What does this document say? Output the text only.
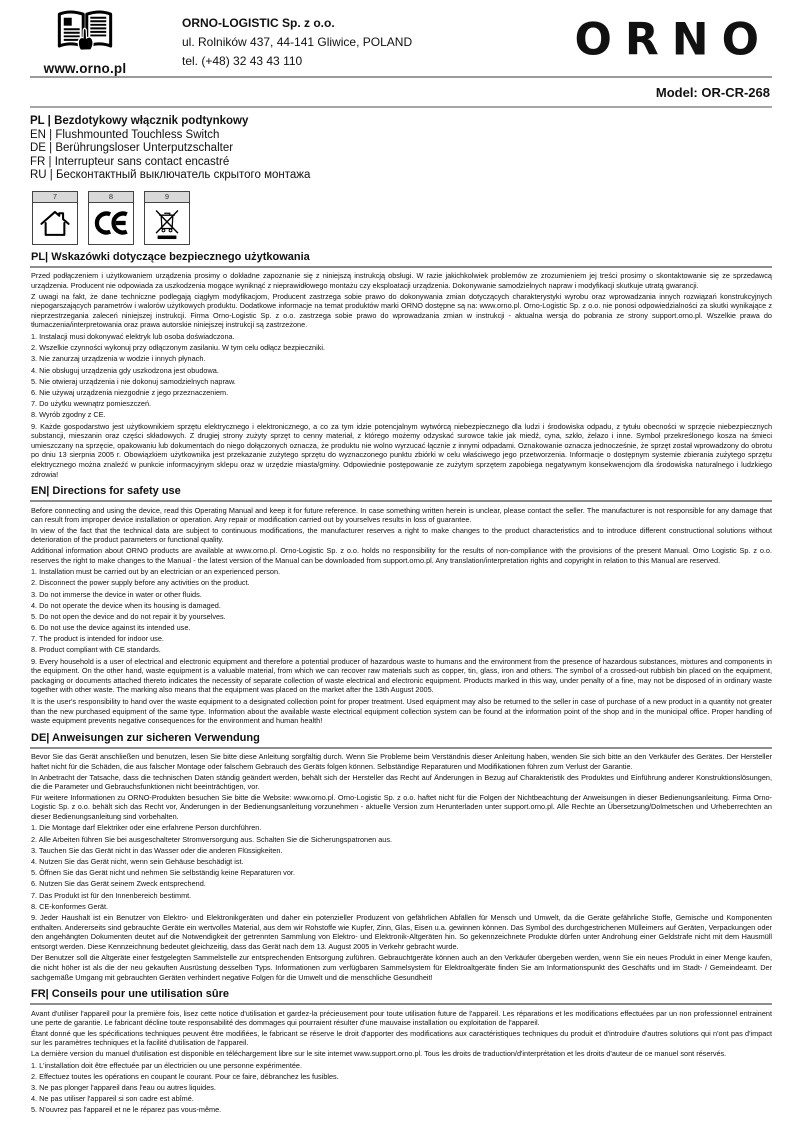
www.orno.pl
ORNO-LOGISTIC Sp. z o.o.
ul. Rolników 437, 44-141 Gliwice, POLAND
tel. (+48) 32 43 43 110	ORNO
Model: OR-CR-268
PL | Bezdotykowy włącznik podtynkowy
EN | Flushmounted Touchless Switch
DE | Berührungsloser Unterputzschalter
FR | Interrupteur sans contact encastré
RU | Бесконтактный выключатель скрытого монтажа
7	8	9
PL| Wskazówki dotyczące bezpiecznego użytkowania
Przed podłączeniem i użytkowaniem urządzenia prosimy o dokładne zapoznanie się z niniejszą instrukcją obsługi. W razie jakichkolwiek problemów ze zrozumieniem jej treści prosimy o skontaktowanie się ze sprzedawcą urządzenia. Producent nie odpowiada za uszkodzenia mogące wyniknąć z nieprawidłowego montażu czy eksploatacji urządzenia. Dokonywanie samodzielnych napraw i modyfikacji skutkuje utratą gwarancji.
Z uwagi na fakt, że dane techniczne podlegają ciągłym modyfikacjom, Producent zastrzega sobie prawo do dokonywania zmian dotyczących charakterystyki wyrobu oraz wprowadzania innych rozwiązań konstrukcyjnych niepogarszających parametrów i walorów użytkowych produktu. Dodatkowe informacje na temat produktów marki ORNO dostępne są na: www.orno.pl. Orno-Logistic Sp. z o.o. nie ponosi odpowiedzialności za skutki wynikające z nieprzestrzegania zaleceń niniejszej instrukcji. Firma Orno-Logistic Sp. z o.o. zastrzega sobie prawo do wprowadzania zmian w instrukcji - aktualna wersja do pobrania ze strony support.orno.pl. Wszelkie prawa do tłumaczenia/interpretowania oraz prawa autorskie niniejszej instrukcji są zastrzeżone.
1. Instalacji musi dokonywać elektryk lub osoba doświadczona.
2. Wszelkie czynności wykonuj przy odłączonym zasilaniu. W tym celu odłącz bezpieczniki.
3. Nie zanurzaj urządzenia w wodzie i innych płynach.
4. Nie obsługuj urządzenia gdy uszkodzona jest obudowa.
5. Nie otwieraj urządzenia i nie dokonuj samodzielnych napraw.
6. Nie używaj urządzenia niezgodnie z jego przeznaczeniem.
7. Do użytku wewnątrz pomieszczeń.
8. Wyrób zgodny z CE.
9. Każde gospodarstwo jest użytkownikiem sprzętu elektrycznego i elektronicznego, a co za tym idzie potencjalnym wytwórcą niebezpiecznego dla ludzi i środowiska odpadu, z tytułu obecności w sprzęcie niebezpiecznych substancji, mieszanin oraz części składowych. Z drugiej strony zużyty sprzęt to cenny materiał, z którego możemy odzyskać surowce takie jak miedź, cyna, szkło, żelazo i inne. Symbol przekreślonego kosza na śmieci umieszczany na sprzęcie, opakowaniu lub dokumentach do niego dołączonych oznacza, że produktu nie wolno wyrzucać łącznie z innymi odpadami. Oznakowanie oznacza jednocześnie, że sprzęt został wprowadzony do obrotu po dniu 13 sierpnia 2005 r. Obowiązkiem użytkownika jest przekazanie zużytego sprzętu do wyznaczonego punktu zbiórki w celu właściwego jego przetworzenia. Informacje o dostępnym systemie zbierania zużytego sprzętu elektrycznego można znaleźć w punkcie informacyjnym sklepu oraz w urzędzie miasta/gminy. Odpowiednie postępowanie ze zużytym sprzętem zapobiega negatywnym konsekwencjom dla środowiska naturalnego i ludzkiego zdrowia!
EN| Directions for safety use
Before connecting and using the device, read this Operating Manual and keep it for future reference. In case something written herein is unclear, please contact the seller. The manufacturer is not responsible for any damage that can result from improper device installation or operation. Any repair or modification carried out by yourselves results in loss of guarantee.
In view of the fact that the technical data are subject to continuous modifications, the manufacturer reserves a right to make changes to the product characteristics and to introduce different constructional solutions without deterioration of the product parameters or functional quality.
Additional information about ORNO products are available at www.orno.pl. Orno-Logistic Sp. z o.o. holds no responsibility for the results of non-compliance with the provisions of the present Manual. Orno Logistic Sp. z o.o. reserves the right to make changes to the Manual - the latest version of the Manual can be downloaded from support.orno.pl. Any translation/interpretation rights and copyright in relation to this Manual are reserved.
1. Installation must be carried out by an electrician or an experienced person.
2. Disconnect the power supply before any activities on the product.
3. Do not immerse the device in water or other fluids.
4. Do not operate the device when its housing is damaged.
5. Do not open the device and do not repair it by yourselves.
6. Do not use the device against its intended use.
7. The product is intended for indoor use.
8. Product compliant with CE standards.
9. Every household is a user of electrical and electronic equipment and therefore a potential producer of hazardous waste to humans and the environment from the presence of hazardous substances, mixtures and components in the equipment. On the other hand, waste equipment is a valuable material, from which we can recover raw materials such as copper, tin, glass, iron and others. The symbol of a crossed-out rubbish bin placed on the equipment, packaging or documents attached thereto indicates the necessity of separate collection of waste electrical and electronic equipment. Products marked in this way, under penalty of a fine, may not be disposed of in ordinary waste together with other waste. The marking also means that the equipment was placed on the market after the 13th August 2005.
It is the user's responsibility to hand over the waste equipment to a designated collection point for proper treatment. Used equipment may also be returned to the seller in case of purchase of a new product in a quantity not greater than the new purchased equipment of the same type. Information about the available waste electrical equipment collection system can be found at the information point of the shop and in the municipal office. Proper handling of waste equipment prevents negative consequences for the environment and human health!
DE| Anweisungen zur sicheren Verwendung
Bevor Sie das Gerät anschließen und benutzen, lesen Sie bitte diese Anleitung sorgfältig durch. Wenn Sie Probleme beim Verständnis dieser Anleitung haben, wenden Sie sich bitte an den Verkäufer des Gerätes. Der Hersteller haftet nicht für die Schäden, die aus falscher Montage oder falschem Gebrauch des Geräts folgen können. Selbständige Reparaturen und Modifikationen führen zum Verlust der Garantie.
In Anbetracht der Tatsache, dass die technischen Daten ständig geändert werden, behält sich der Hersteller das Recht auf Änderungen in Bezug auf Charakteristik des Produktes und Einführung anderer Konstruktionslösungen, die die Parameter und Gebrauchsfunktionen nicht beeinträchtigen, vor.
Für weitere Informationen zu ORNO-Produkten besuchen Sie bitte die Website: www.orno.pl. Orno-Logistic Sp. z o.o. haftet nicht für die Folgen der Nichtbeachtung der Anweisungen in dieser Bedienungsanleitung. Firma Orno-Logistic Sp. z o.o. behält sich das Recht vor, Änderungen in der Bedienungsanleitung vorzunehmen - aktuelle Version zum Herunterladen unter support.orno.pl. Alle Rechte an Übersetzung/Dolmetschen und Urheberrechten an dieser Bedienungsanleitung sind vorbehalten.
1. Die Montage darf Elektriker oder eine erfahrene Person durchführen.
2. Alle Arbeiten führen Sie bei ausgeschalteter Stromversorgung aus. Schalten Sie die Sicherungspatronen aus.
3. Tauchen Sie das Gerät nicht in das Wasser oder die anderen Flüssigkeiten.
4. Nutzen Sie das Gerät nicht, wenn sein Gehäuse beschädigt ist.
5. Öffnen Sie das Gerät nicht und nehmen Sie selbständig keine Reparaturen vor.
6. Nutzen Sie das Gerät seinem Zweck entsprechend.
7. Das Produkt ist für den Innenbereich bestimmt.
8. CE-konformes Gerät.
9. Jeder Haushalt ist ein Benutzer von Elektro- und Elektronikgeräten und daher ein potenzieller Produzent von gefährlichen Abfällen für Mensch und Umwelt, da die Geräte gefährliche Stoffe, Gemische und Komponenten enthalten. Andererseits sind gebrauchte Geräte ein wertvolles Material, aus dem wir Rohstoffe wie Kupfer, Zinn, Glas, Eisen u.a. gewinnen können. Das Symbol des durchgestrichenen Mülleimers auf Geräten, Verpackungen oder den angehängten Dokumenten deutet auf die Notwendigkeit der getrennten Sammlung von Elektro- und Elektronik-Altgeräten hin. So gekennzeichnete Produkte dürfen unter Androhung einer Geldstrafe nicht mit dem Hausmüll entsorgt werden. Diese Kennzeichnung bedeutet gleichzeitig, dass das Gerät nach dem 13. August 2005 in Verkehr gebracht wurde.
Der Benutzer soll die Altgeräte einer festgelegten Sammelstelle zur entsprechenden Entsorgung zuführen. Gebrauchtgeräte können auch an den Verkäufer übergeben werden, wenn Sie ein neues Produkt in einer Menge kaufen, die nicht höher ist als die der neu gekauften Ausrüstung desselben Typs. Informationen zum verfügbaren Sammelsystem für Elektroaltgeräte finden Sie am Informationspunkt des Geschäfts und im Stadt- / Gemeindeamt. Der sachgemäße Umgang mit gebrauchten Geräten verhindert negative Folgen für die Umwelt und die menschliche Gesundheit!
FR| Conseils pour une utilisation sûre
Avant d'utiliser l'appareil pour la première fois, lisez cette notice d'utilisation et gardez-la précieusement pour toute utilisation future de l'appareil. Les réparations et les modifications effectuées par un non professionnel entrainent une perte de garantie. Le fabricant décline toute responsabilité des dommages qui pourraient résulter d'une mauvaise installation ou exploitation de l'appareil.
Étant donné que les spécifications techniques peuvent être modifiées, le fabricant se réserve le droit d'apporter des modifications aux caractéristiques techniques du produit et d'introduire d'autres solutions qui n'ont pas d'impact sur les paramètres techniques et la facilité d'utilisation de l'appareil.
La dernière version du manuel d'utilisation est disponible en téléchargement libre sur le site internet www.support.orno.pl. Tous les droits de traduction/d'interprétation et les droits d'auteur de ce manuel sont réservés.
1. L'installation doit être effectuée par un électricien ou une personne expérimentée.
2. Effectuez toutes les opérations en coupant le courant. Pour ce faire, débranchez les fusibles.
3. Ne pas plonger l'appareil dans l'eau ou autres liquides.
4. Ne pas utiliser l'appareil si son cadre est abîmé.
5. N'ouvrez pas l'appareil et ne le réparez pas vous-même.
